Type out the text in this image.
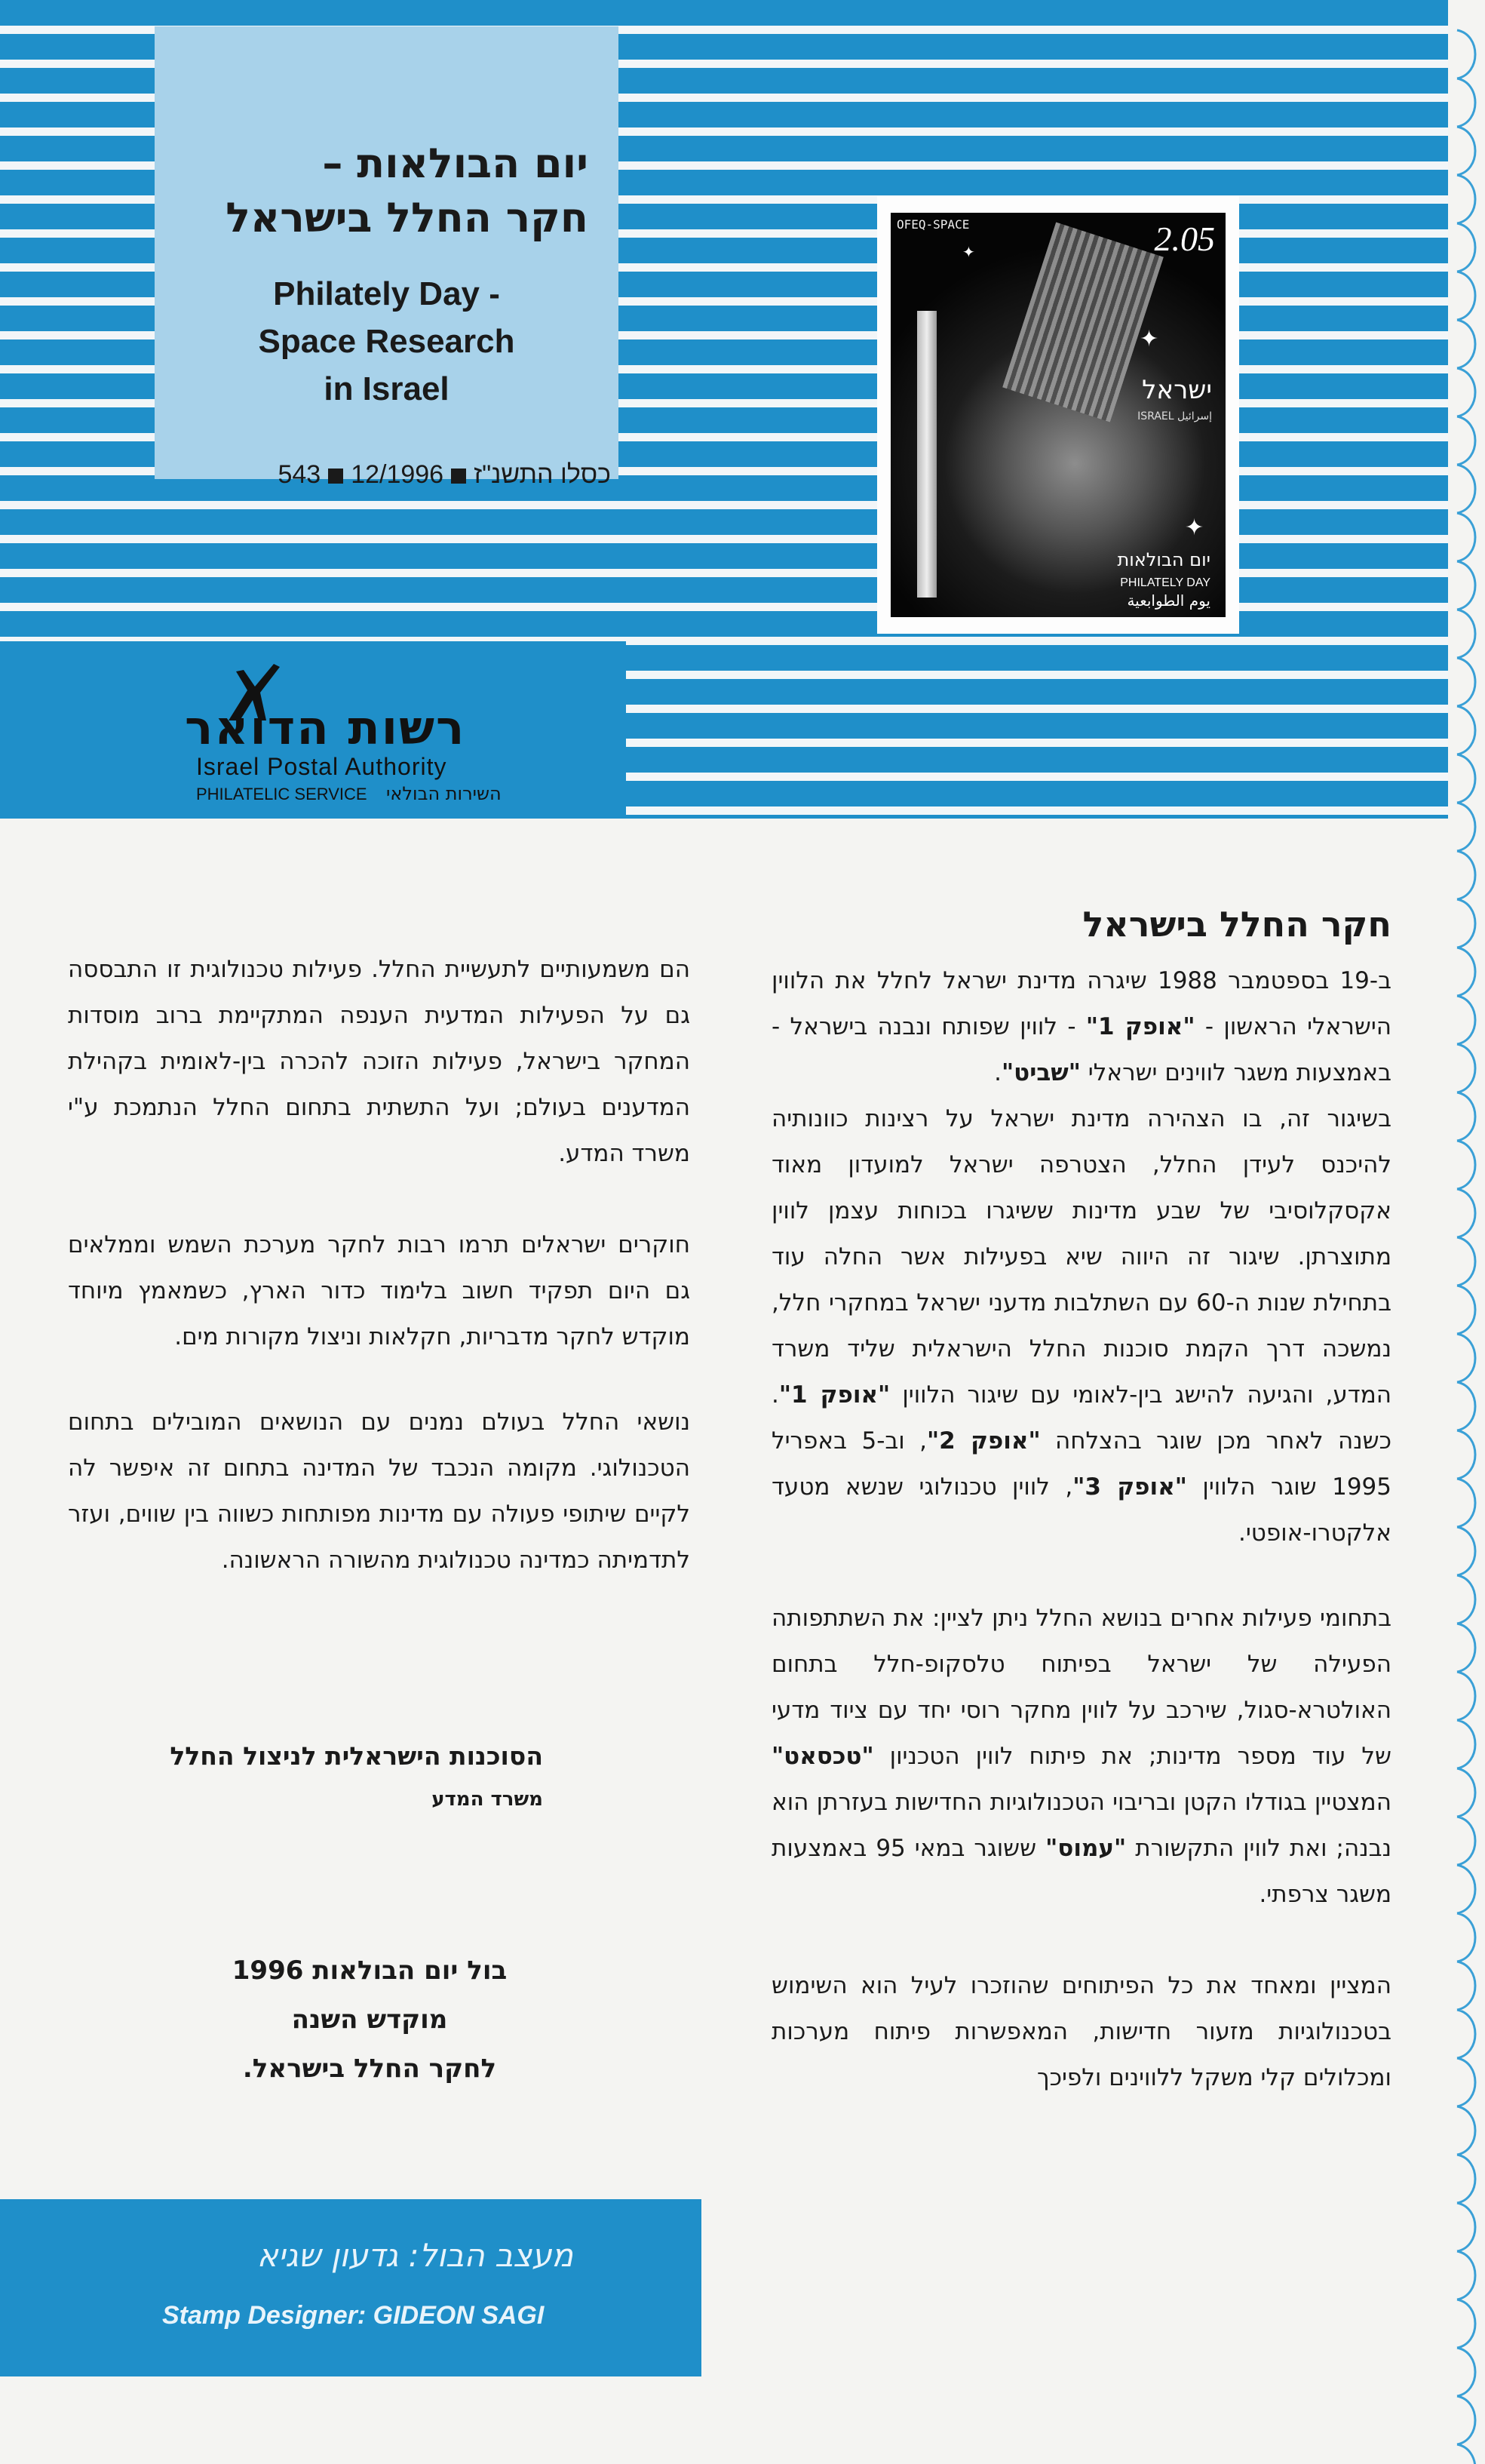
יום הבולאות –
חקר החלל בישראל
Philately Day -
Space Research
in Israel
כסלו התשנ"ז12/1996543
✦
✦
✦
OFEQ-SPACE	2.05
ישראל
ISRAEL إسرائيل
יום הבולאות
PHILATELY DAY
يوم الطوابعية
רשות הדואר
Israel Postal Authority
PHILATELIC SERVICE השירות הבולאי

חקר החלל בישראל

ב-19 בספטמבר 1988 שיגרה מדינת ישראל לחלל את הלווין הישראלי הראשון - "אופק 1" - לווין שפותח ונבנה בישראל - באמצעות משגר לווינים ישראלי "שביט".

בשיגור זה, בו הצהירה מדינת ישראל על רצינות כוונותיה להיכנס לעידן החלל, הצטרפה ישראל למועדון מאוד אקסקלוסיבי של שבע מדינות ששיגרו בכוחות עצמן לווין מתוצרתן. שיגור זה היווה שיא בפעילות אשר החלה עוד בתחילת שנות ה-60 עם השתלבות מדעני ישראל במחקרי חלל, נמשכה דרך הקמת סוכנות החלל הישראלית שליד משרד המדע, והגיעה להישג בין-לאומי עם שיגור הלווין "אופק 1". כשנה לאחר מכן שוגר בהצלחה "אופק 2", וב-5 באפריל 1995 שוגר הלווין "אופק 3", לווין טכנולוגי שנשא מטעד אלקטרו-אופטי.

בתחומי פעילות אחרים בנושא החלל ניתן לציין: את השתתפותה הפעילה של ישראל בפיתוח טלסקופ-חלל בתחום האולטרא-סגול, שירכב על לווין מחקר רוסי יחד עם ציוד מדעי של עוד מספר מדינות; את פיתוח לווין הטכניון "טכסאט" המצטיין בגודלו הקטן ובריבוי הטכנולוגיות החדישות בעזרתן הוא נבנה; ואת לווין התקשורת "עמוס" ששוגר במאי 95 באמצעות משגר צרפתי.

המציין ומאחד את כל הפיתוחים שהוזכרו לעיל הוא השימוש בטכנולוגיות מזעור חדישות, המאפשרות פיתוח מערכות ומכלולים קלי משקל ללווינים ולפיכך

הם משמעותיים לתעשיית החלל. פעילות טכנולוגית זו התבססה גם על הפעילות המדעית הענפה המתקיימת ברוב מוסדות המחקר בישראל, פעילות הזוכה להכרה בין-לאומית בקהילת המדענים בעולם; ועל התשתית בתחום החלל הנתמכת ע"י משרד המדע.

חוקרים ישראלים תרמו רבות לחקר מערכת השמש וממלאים גם היום תפקיד חשוב בלימוד כדור הארץ, כשמאמץ מיוחד מוקדש לחקר מדבריות, חקלאות וניצול מקורות מים.

נושאי החלל בעולם נמנים עם הנושאים המובילים בתחום הטכנולוגי. מקומה הנכבד של המדינה בתחום זה איפשר לה לקיים שיתופי פעולה עם מדינות מפותחות כשווה בין שווים, ועזר לתדמיתה כמדינה טכנולוגית מהשורה הראשונה.

הסוכנות הישראלית לניצול החלל
משרד המדע
בול יום הבולאות 1996
מוקדש השנה
לחקר החלל בישראל.
מעצב הבול: גדעון שגיא
Stamp Designer: GIDEON SAGI
